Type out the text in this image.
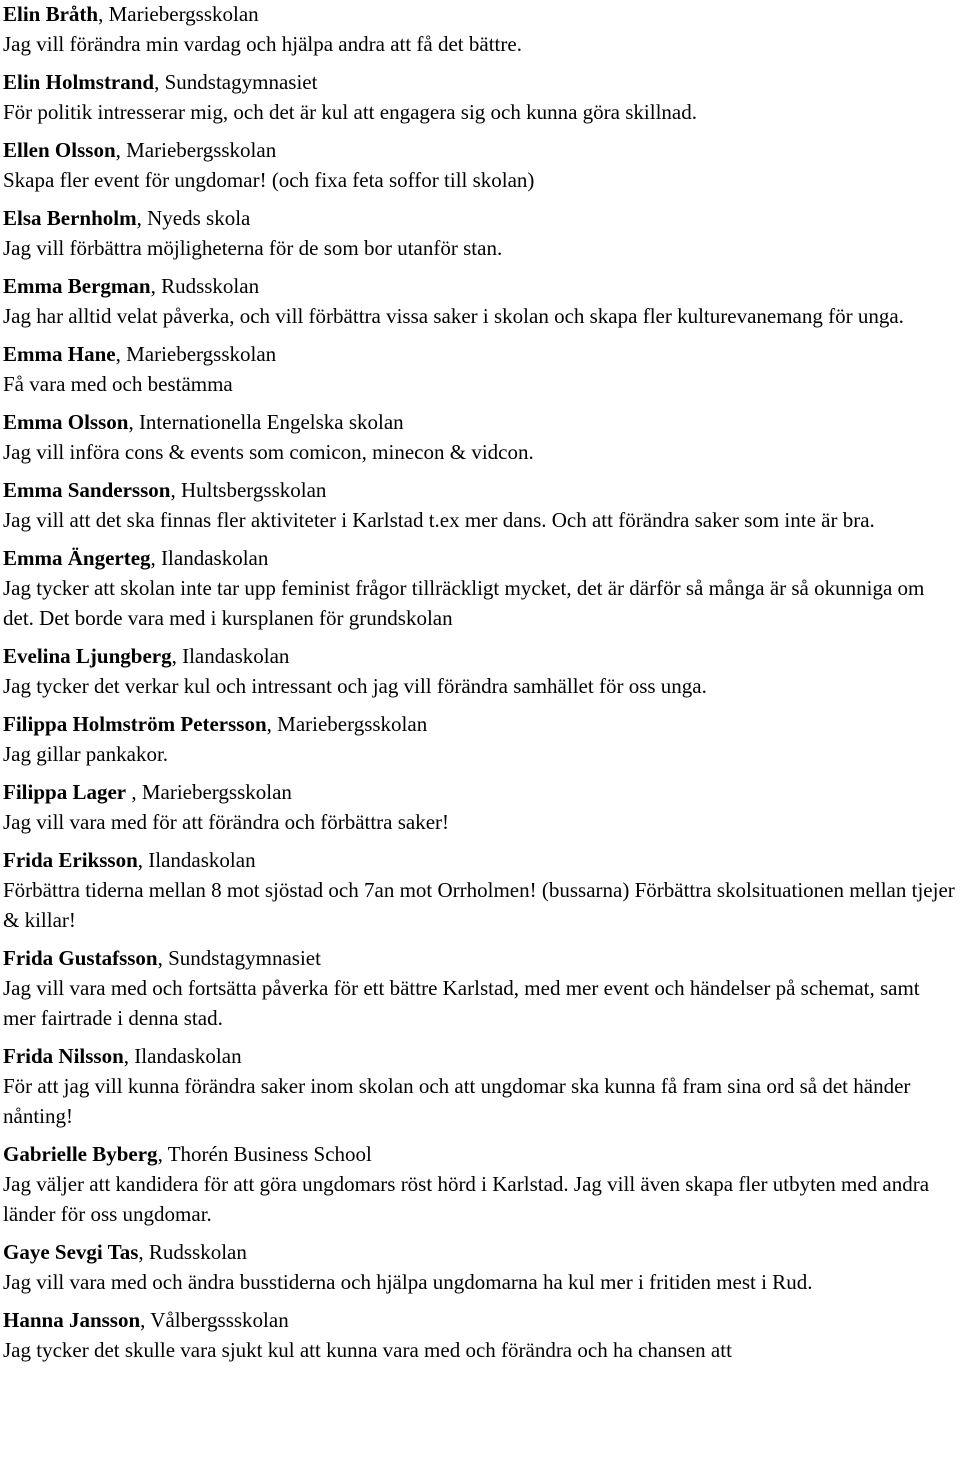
Elin Bråth, Mariebergsskolan

Jag vill förändra min vardag och hjälpa andra att få det bättre.

Elin Holmstrand, Sundstagymnasiet

För politik intresserar mig, och det är kul att engagera sig och kunna göra skillnad.

Ellen Olsson, Mariebergsskolan

Skapa fler event för ungdomar! (och fixa feta soffor till skolan)

Elsa Bernholm, Nyeds skola

Jag vill förbättra möjligheterna för de som bor utanför stan.

Emma Bergman, Rudsskolan

Jag har alltid velat påverka, och vill förbättra vissa saker i skolan och skapa fler kulturevanemang för unga.

Emma Hane, Mariebergsskolan

Få vara med och bestämma

Emma Olsson, Internationella Engelska skolan

Jag vill införa cons & events som comicon, minecon & vidcon.

Emma Sandersson, Hultsbergsskolan

Jag vill att det ska finnas fler aktiviteter i Karlstad t.ex mer dans. Och att förändra saker som inte är bra.

Emma Ängerteg, Ilandaskolan

Jag tycker att skolan inte tar upp feminist frågor tillräckligt mycket, det är därför så många är så okunniga om det. Det borde vara med i kursplanen för grundskolan

Evelina Ljungberg, Ilandaskolan

Jag tycker det verkar kul och intressant och jag vill förändra samhället för oss unga.

Filippa Holmström Petersson, Mariebergsskolan

Jag gillar pankakor.

Filippa Lager , Mariebergsskolan

Jag vill vara med för att förändra och förbättra saker!

Frida Eriksson, Ilandaskolan

Förbättra tiderna mellan 8 mot sjöstad och 7an mot Orrholmen! (bussarna) Förbättra skolsituationen mellan tjejer & killar!

Frida Gustafsson, Sundstagymnasiet

Jag vill vara med och fortsätta påverka för ett bättre Karlstad, med mer event och händelser på schemat, samt mer fairtrade i denna stad.

Frida Nilsson, Ilandaskolan

För att jag vill kunna förändra saker inom skolan och att ungdomar ska kunna få fram sina ord så det händer nånting!

Gabrielle Byberg, Thorén Business School

Jag väljer att kandidera för att göra ungdomars röst hörd i Karlstad. Jag vill även skapa fler utbyten med andra länder för oss ungdomar.

Gaye Sevgi Tas, Rudsskolan

Jag vill vara med och ändra busstiderna och hjälpa ungdomarna ha kul mer i fritiden mest i Rud.

Hanna Jansson, Vålbergssskolan

Jag tycker det skulle vara sjukt kul att kunna vara med och förändra och ha chansen att
